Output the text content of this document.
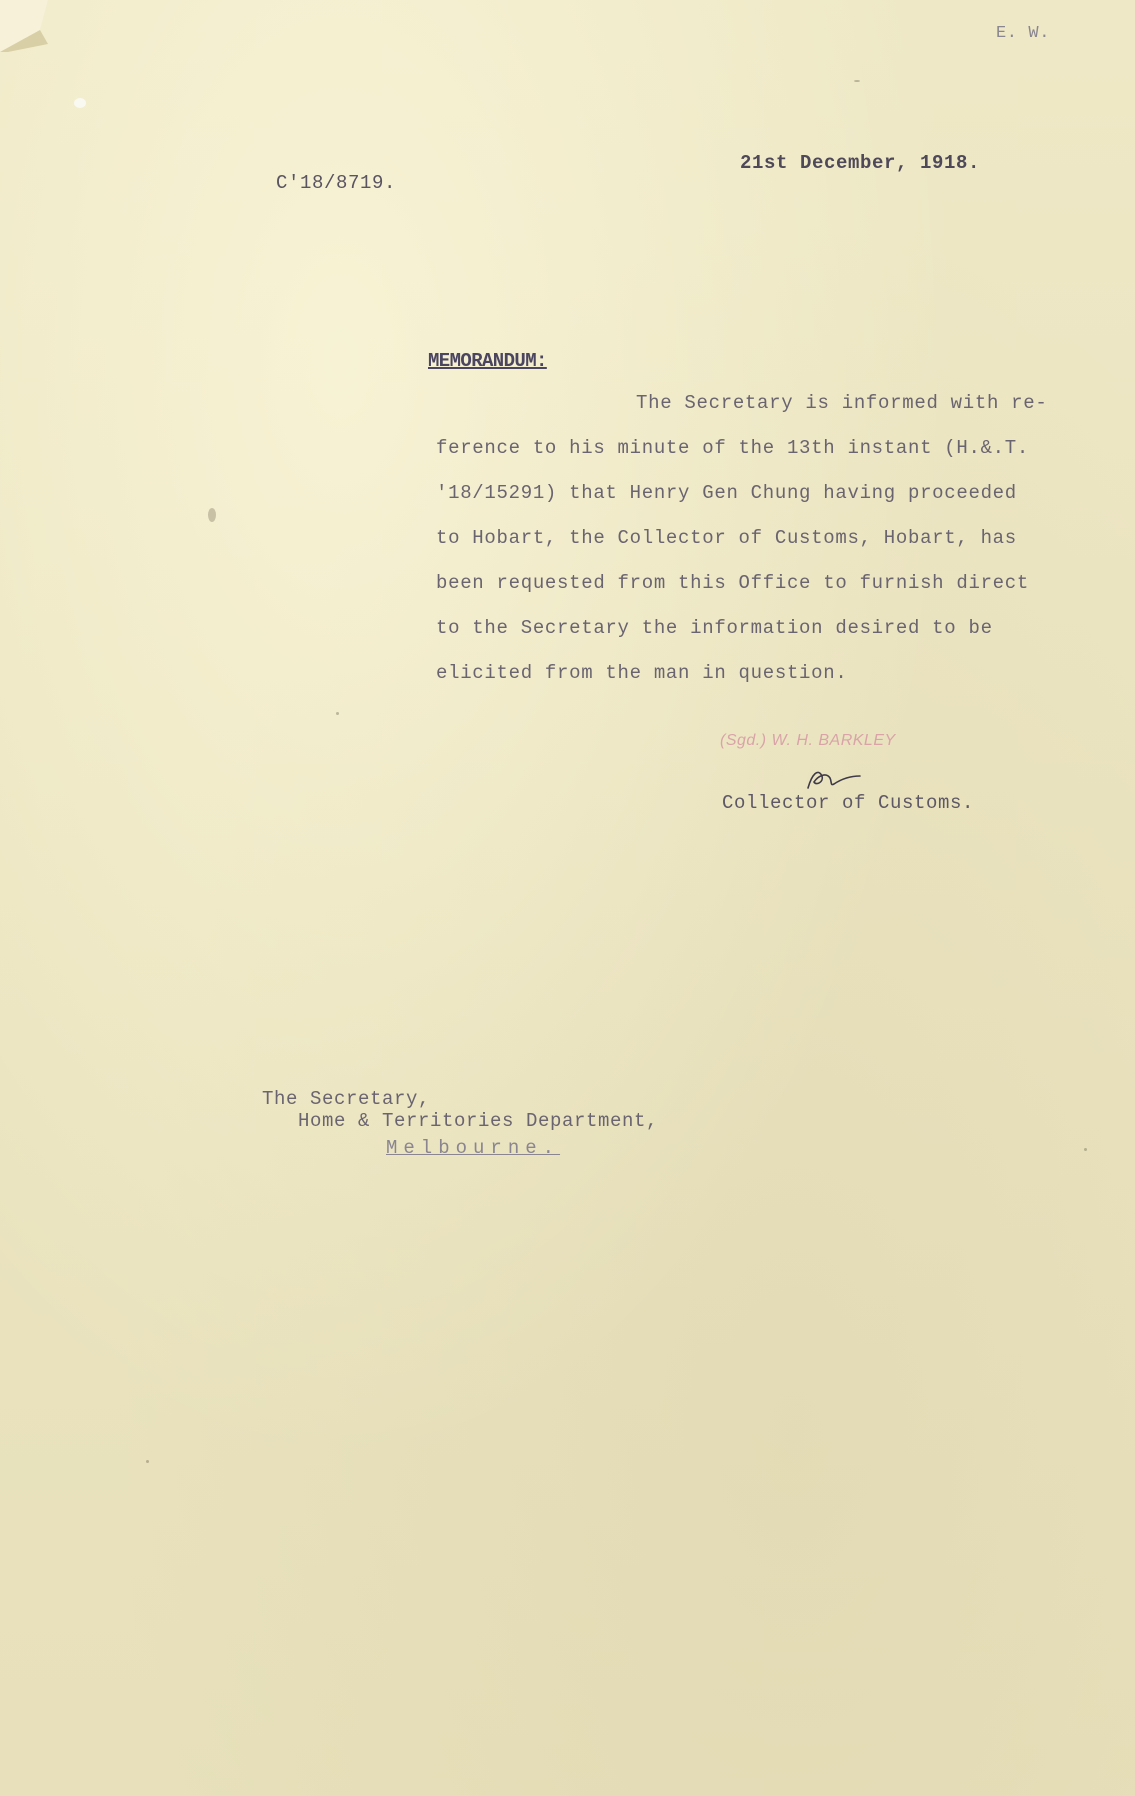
E. W.
21st December, 1918.
C'18/8719.
MEMORANDUM:
The Secretary is informed with re-
ference to his minute of the 13th instant (H.&.T.
'18/15291) that Henry Gen Chung having proceeded
to Hobart, the Collector of Customs, Hobart, has
been requested from this Office to furnish direct
to the Secretary the information desired to be
elicited from the man in question.
(Sgd.) W. H. BARKLEY
Collector of Customs.
The Secretary,
Home & Territories Department,
Melbourne.
